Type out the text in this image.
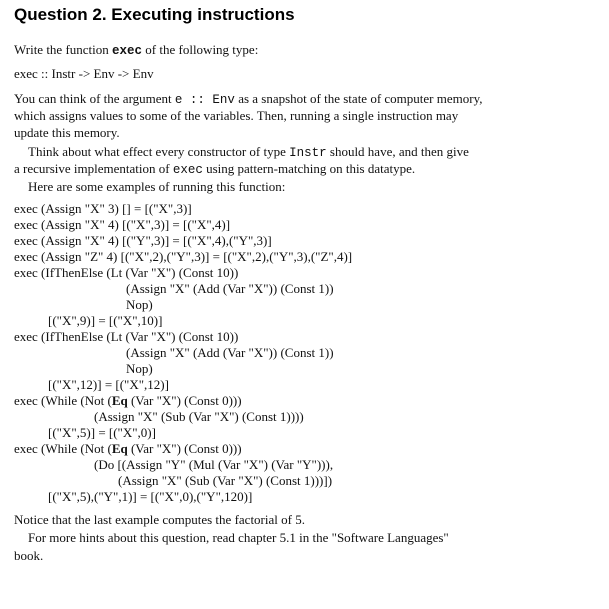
Question 2. Executing instructions
Write the function exec of the following type:
exec :: Instr -> Env -> Env
You can think of the argument e :: Env as a snapshot of the state of computer memory,
which assigns values to some of the variables. Then, running a single instruction may
update this memory.
Think about what effect every constructor of type Instr should have, and then give
a recursive implementation of exec using pattern-matching on this datatype.
Here are some examples of running this function:
exec (Assign "X" 3) [] = [("X",3)]
exec (Assign "X" 4) [("X",3)] = [("X",4)]
exec (Assign "X" 4) [("Y",3)] = [("X",4),("Y",3)]
exec (Assign "Z" 4) [("X",2),("Y",3)] = [("X",2),("Y",3),("Z",4)]
exec (IfThenElse (Lt (Var "X") (Const 10))
(Assign "X" (Add (Var "X")) (Const 1))
Nop)
[("X",9)] = [("X",10)]
exec (IfThenElse (Lt (Var "X") (Const 10))
(Assign "X" (Add (Var "X")) (Const 1))
Nop)
[("X",12)] = [("X",12)]
exec (While (Not (Eq (Var "X") (Const 0)))
(Assign "X" (Sub (Var "X") (Const 1))))
[("X",5)] = [("X",0)]
exec (While (Not (Eq (Var "X") (Const 0)))
(Do [(Assign "Y" (Mul (Var "X") (Var "Y"))),
(Assign "X" (Sub (Var "X") (Const 1)))])
[("X",5),("Y",1)] = [("X",0),("Y",120)]
Notice that the last example computes the factorial of 5.
For more hints about this question, read chapter 5.1 in the "Software Languages"
book.
